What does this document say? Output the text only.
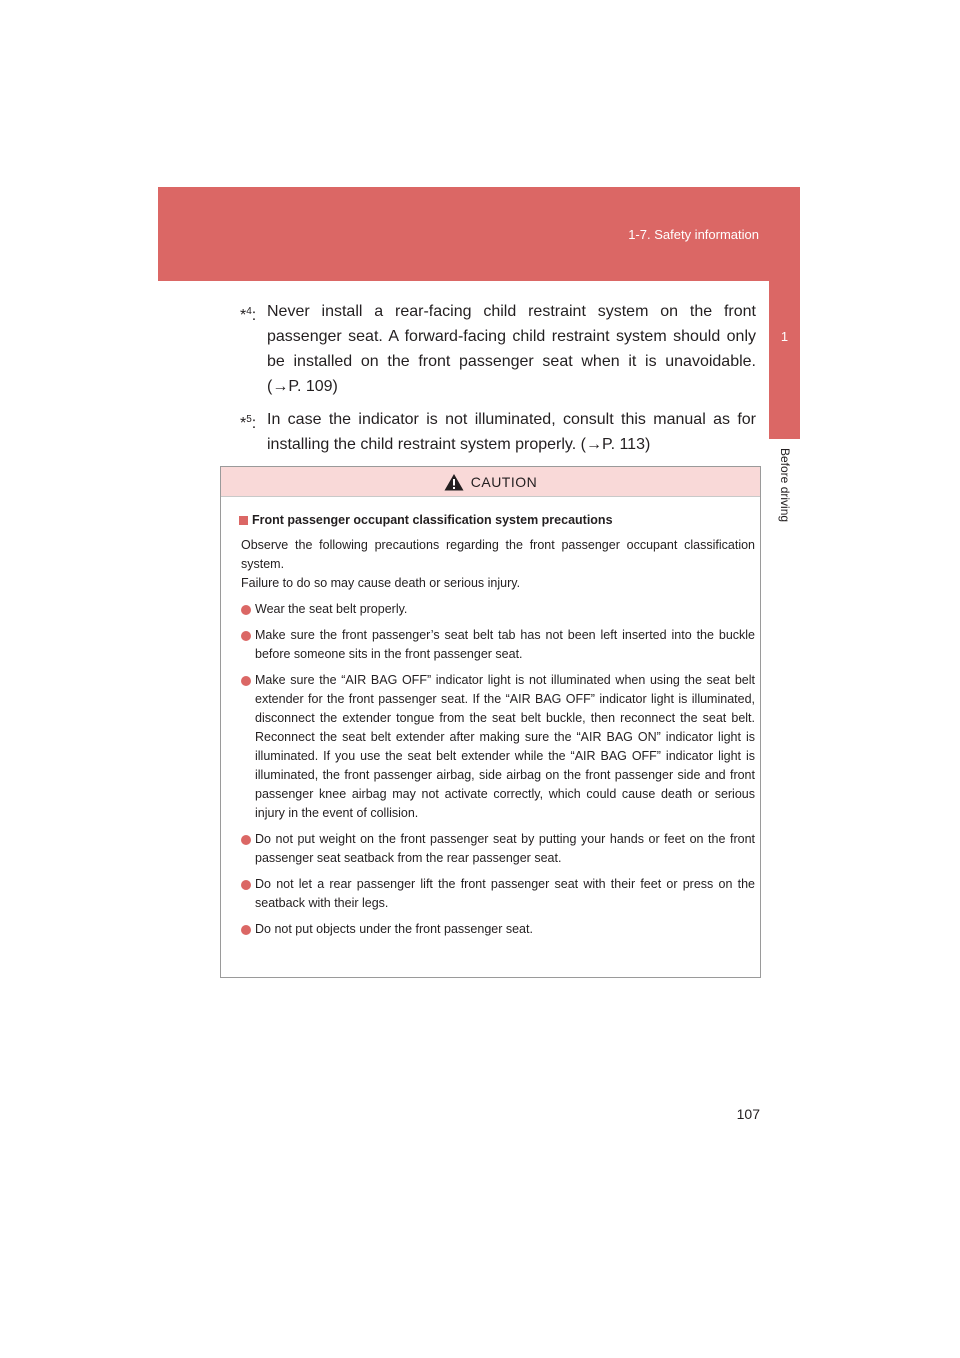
1-7. Safety information
1
Before driving
*$^4$: Never install a rear-facing child restraint system on the front passenger seat. A forward-facing child restraint system should only be installed on the front passenger seat when it is unavoidable. (→P. 109)
*$^5$: In case the indicator is not illuminated, consult this manual as for installing the child restraint system properly. (→P. 113)
CAUTION
Front passenger occupant classification system precautions
Observe the following precautions regarding the front passenger occupant classification system.
Failure to do so may cause death or serious injury.
Wear the seat belt properly.
Make sure the front passenger’s seat belt tab has not been left inserted into the buckle before someone sits in the front passenger seat.
Make sure the “AIR BAG OFF” indicator light is not illuminated when using the seat belt extender for the front passenger seat. If the “AIR BAG OFF” indicator light is illuminated, disconnect the extender tongue from the seat belt buckle, then reconnect the seat belt. Reconnect the seat belt extender after making sure the “AIR BAG ON” indicator light is illuminated. If you use the seat belt extender while the “AIR BAG OFF” indicator light is illuminated, the front passenger airbag, side airbag on the front passenger side and front passenger knee airbag may not activate correctly, which could cause death or serious injury in the event of collision.
Do not put weight on the front passenger seat by putting your hands or feet on the front passenger seat seatback from the rear passenger seat.
Do not let a rear passenger lift the front passenger seat with their feet or press on the seatback with their legs.
Do not put objects under the front passenger seat.
107
